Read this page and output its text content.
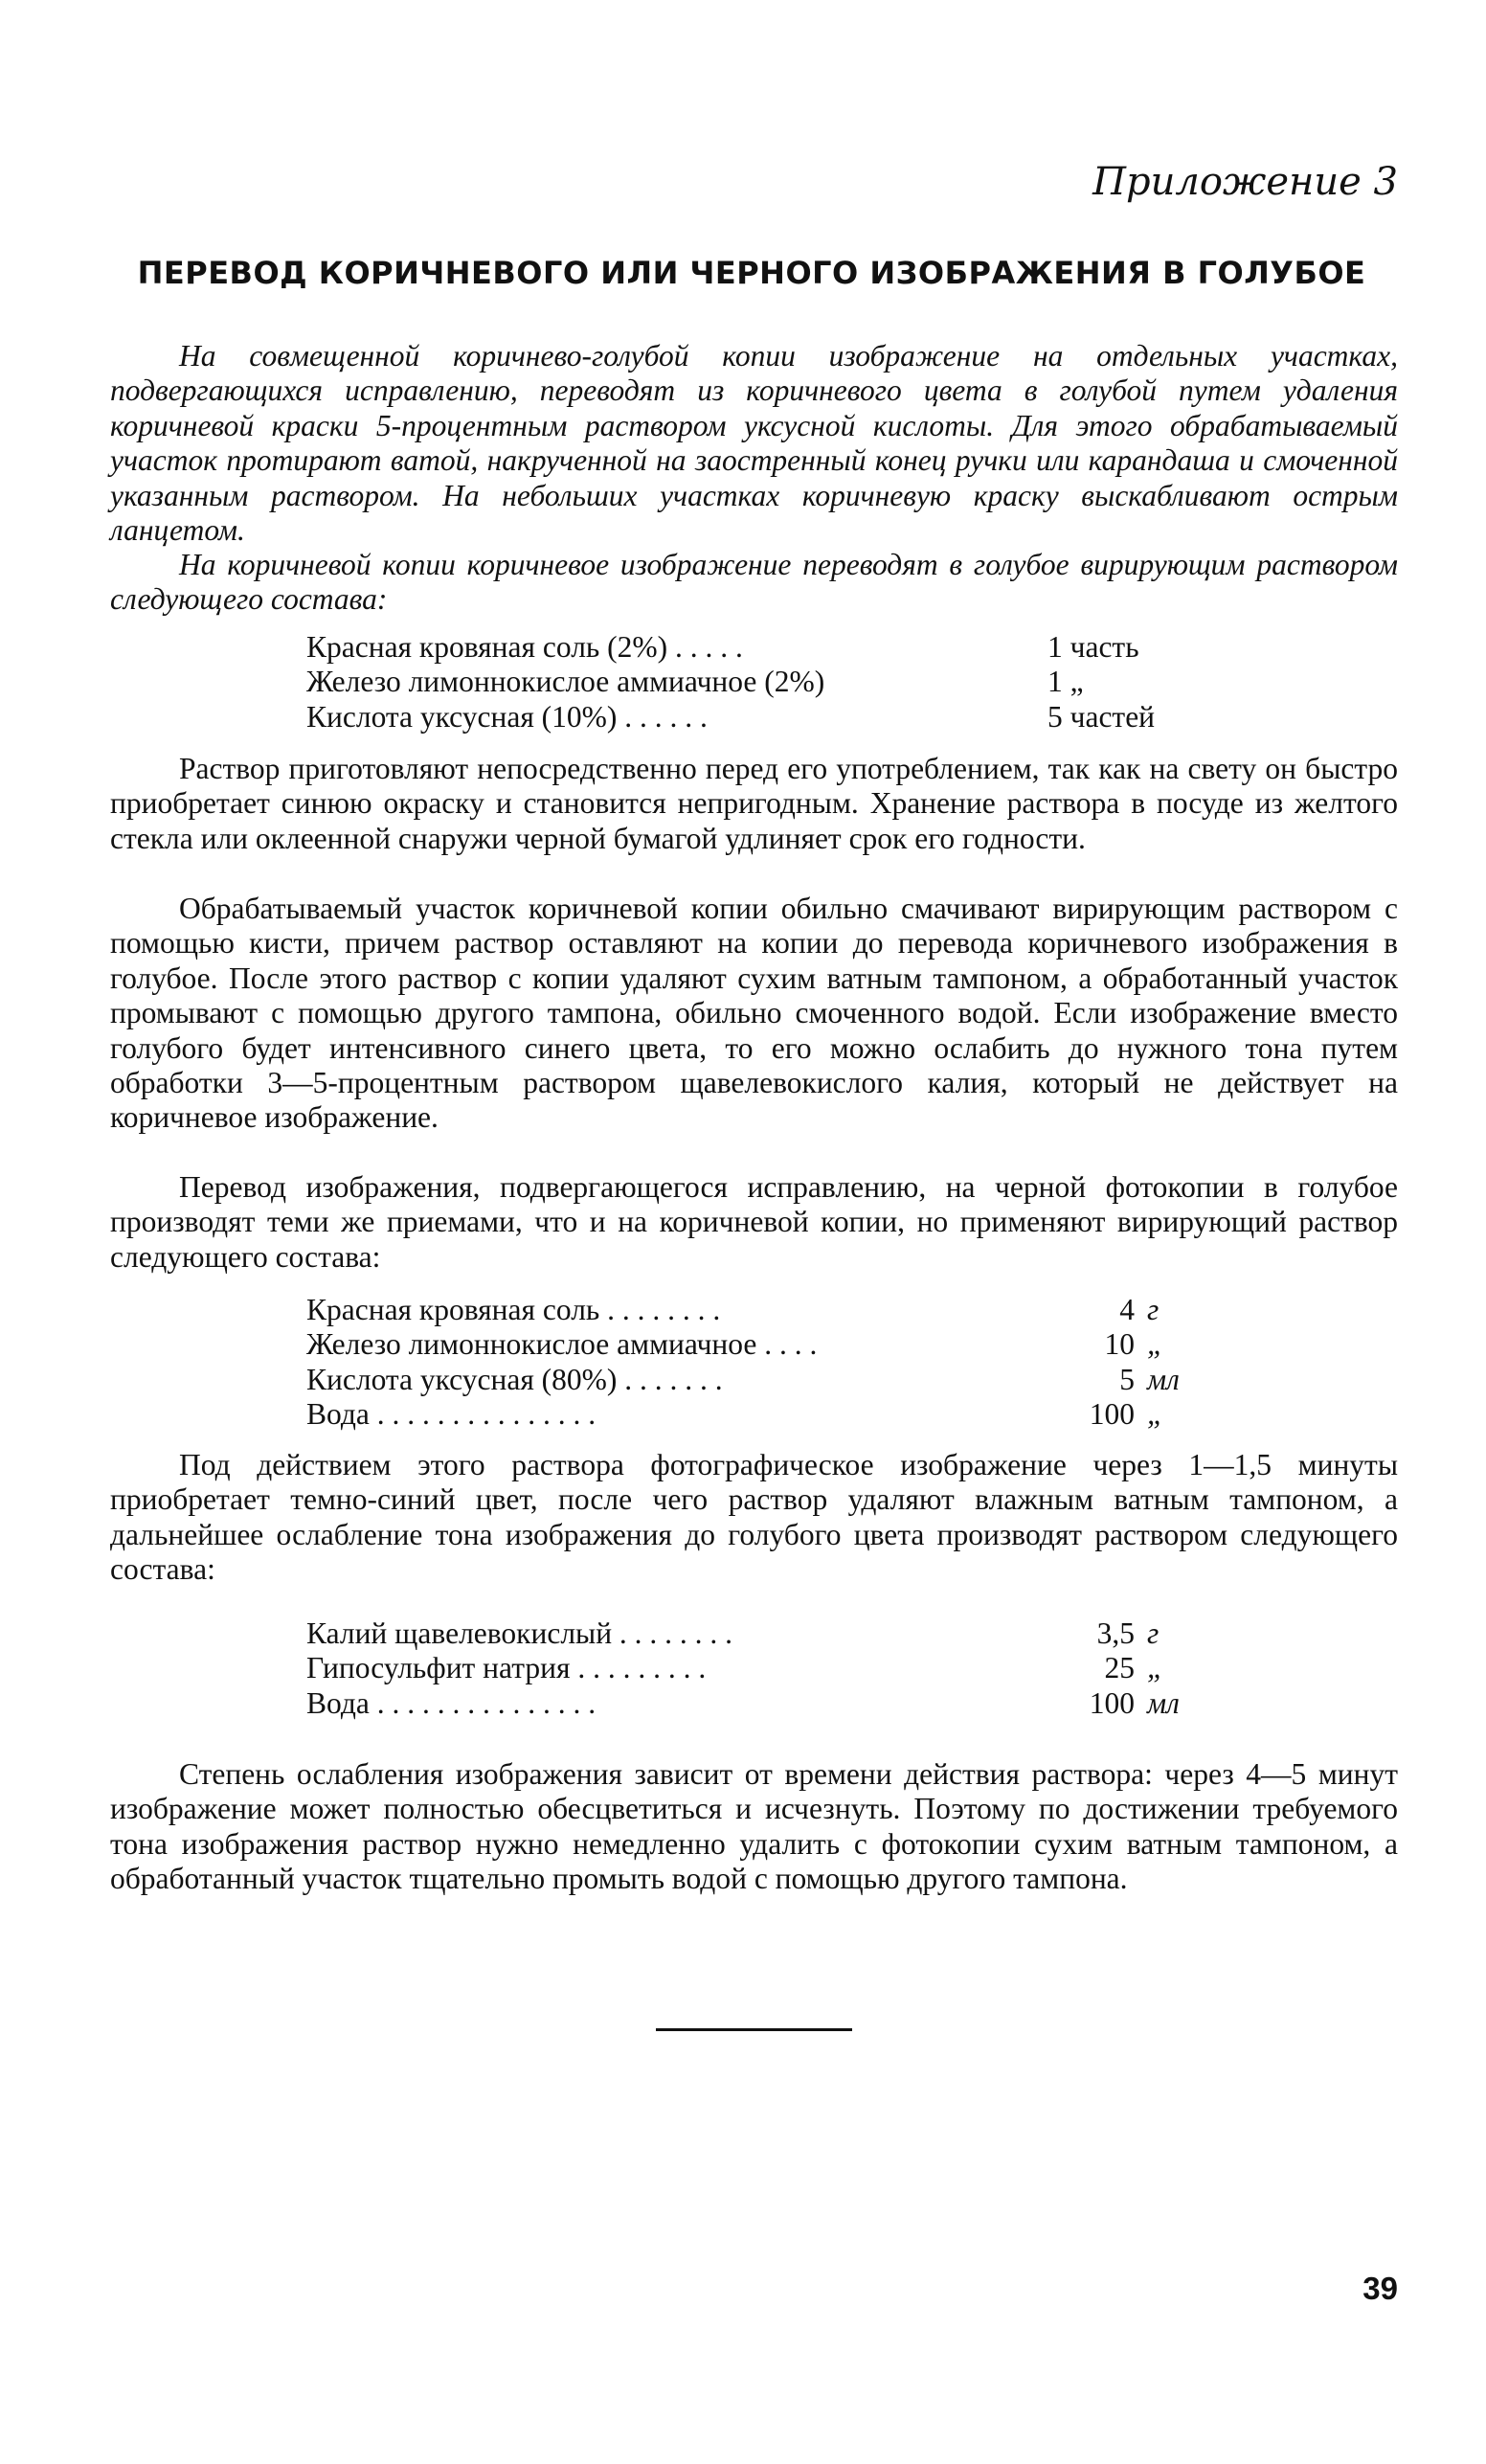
Приложение 3
ПЕРЕВОД КОРИЧНЕВОГО ИЛИ ЧЕРНОГО ИЗОБРАЖЕНИЯ В ГОЛУБОЕ

На совмещенной коричнево-голубой копии изображение на отдельных участках, подвергающихся исправлению, переводят из коричневого цвета в голубой путем удаления коричневой краски 5-процентным раствором уксусной кислоты. Для этого обрабатываемый участок протирают ватой, накрученной на заостренный конец ручки или карандаша и смоченной указанным раствором. На небольших участках коричневую краску выскабливают острым ланцетом.

На коричневой копии коричневое изображение переводят в голубое вирирующим раствором следующего состава:

Красная кровяная соль (2%) . . . . .	1 часть
Железо лимоннокислое аммиачное (2%)	1 „
Кислота уксусная (10%) . . . . . .	5 частей

Раствор приготовляют непосредственно перед его употреблением, так как на свету он быстро приобретает синюю окраску и становится непригодным. Хранение раствора в посуде из желтого стекла или оклеенной снаружи черной бумагой удлиняет срок его годности.

Обрабатываемый участок коричневой копии обильно смачивают вирирующим раствором с помощью кисти, причем раствор оставляют на копии до перевода коричневого изображения в голубое. После этого раствор с копии удаляют сухим ватным тампоном, а обработанный участок промывают с помощью другого тампона, обильно смоченного водой. Если изображение вместо голубого будет интенсивного синего цвета, то его можно ослабить до нужного тона путем обработки 3—5-процентным раствором щавелевокислого калия, который не действует на коричневое изображение.

Перевод изображения, подвергающегося исправлению, на черной фотокопии в голубое производят теми же приемами, что и на коричневой копии, но применяют вирирующий раствор следующего состава:

Красная кровяная соль . . . . . . . .	4 г
Железо лимоннокислое аммиачное . . . .	10 „
Кислота уксусная (80%) . . . . . . .	5 мл
Вода . . . . . . . . . . . . . . .	100 „

Под действием этого раствора фотографическое изображение через 1—1,5 минуты приобретает темно-синий цвет, после чего раствор удаляют влажным ватным тампоном, а дальнейшее ослабление тона изображения до голубого цвета производят раствором следующего состава:

Калий щавелевокислый . . . . . . . .	3,5 г
Гипосульфит натрия . . . . . . . . .	25 „
Вода . . . . . . . . . . . . . . .	100 мл

Степень ослабления изображения зависит от времени действия раствора: через 4—5 минут изображение может полностью обесцветиться и исчезнуть. Поэтому по достижении требуемого тона изображения раствор нужно немедленно удалить с фотокопии сухим ватным тампоном, а обработанный участок тщательно промыть водой с помощью другого тампона.

39
